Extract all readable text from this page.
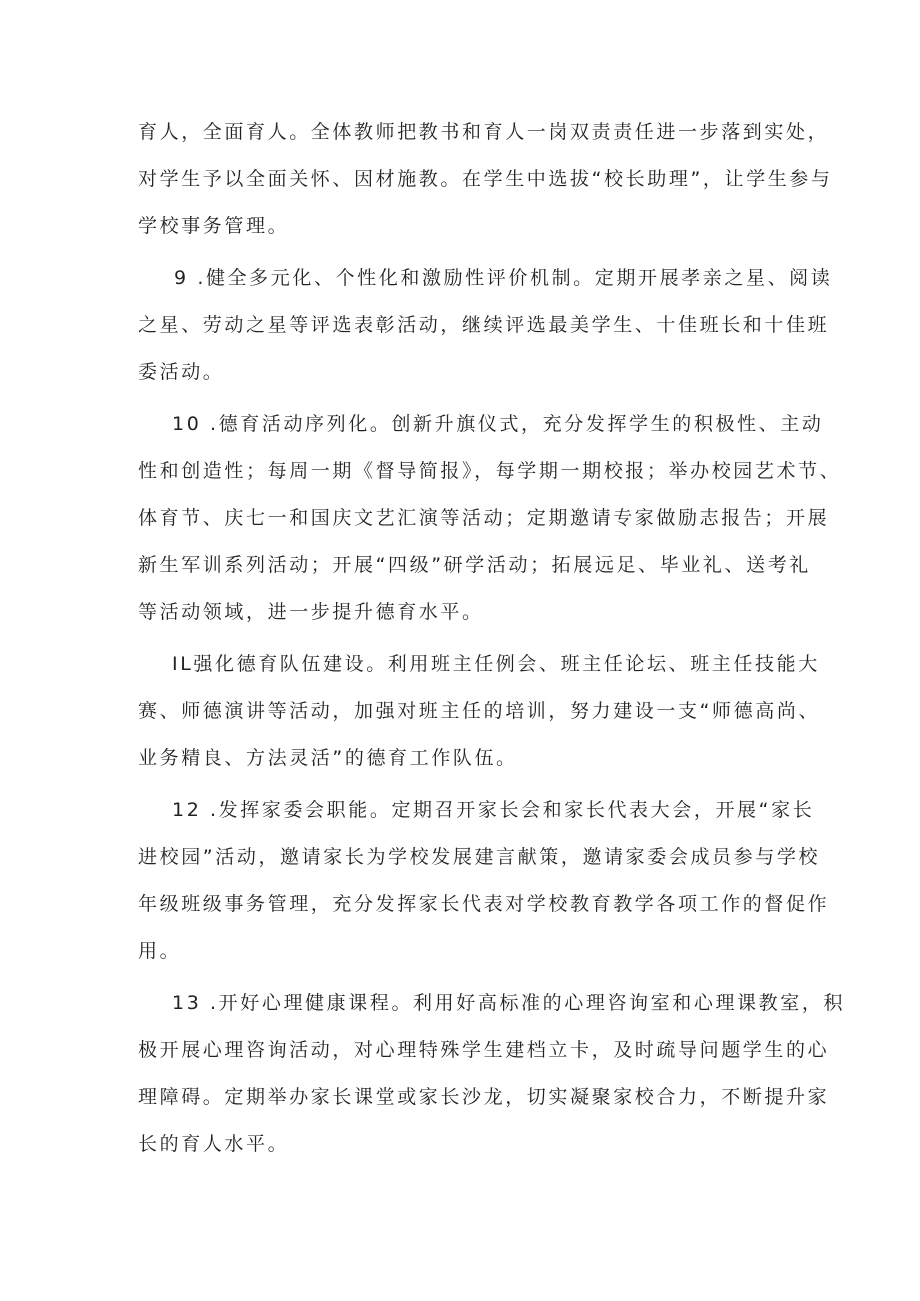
育人，全面育人。全体教师把教书和育人一岗双责责任进一步落到实处，
对学生予以全面关怀、因材施教。在学生中选拔“校长助理”，让学生参与
学校事务管理。
9 .健全多元化、个性化和激励性评价机制。定期开展孝亲之星、阅读
之星、劳动之星等评选表彰活动，继续评选最美学生、十佳班长和十佳班
委活动。
10 .德育活动序列化。创新升旗仪式，充分发挥学生的积极性、主动
性和创造性；每周一期《督导简报》，每学期一期校报；举办校园艺术节、
体育节、庆七一和国庆文艺汇演等活动；定期邀请专家做励志报告；开展
新生军训系列活动；开展“四级”研学活动；拓展远足、毕业礼、送考礼
等活动领域，进一步提升德育水平。
IL强化德育队伍建设。利用班主任例会、班主任论坛、班主任技能大
赛、师德演讲等活动，加强对班主任的培训，努力建设一支“师德高尚、
业务精良、方法灵活”的德育工作队伍。
12 .发挥家委会职能。定期召开家长会和家长代表大会，开展“家长
进校园”活动，邀请家长为学校发展建言献策，邀请家委会成员参与学校
年级班级事务管理，充分发挥家长代表对学校教育教学各项工作的督促作
用。
13 .开好心理健康课程。利用好高标准的心理咨询室和心理课教室，积
极开展心理咨询活动，对心理特殊学生建档立卡，及时疏导问题学生的心
理障碍。定期举办家长课堂或家长沙龙，切实凝聚家校合力，不断提升家
长的育人水平。
